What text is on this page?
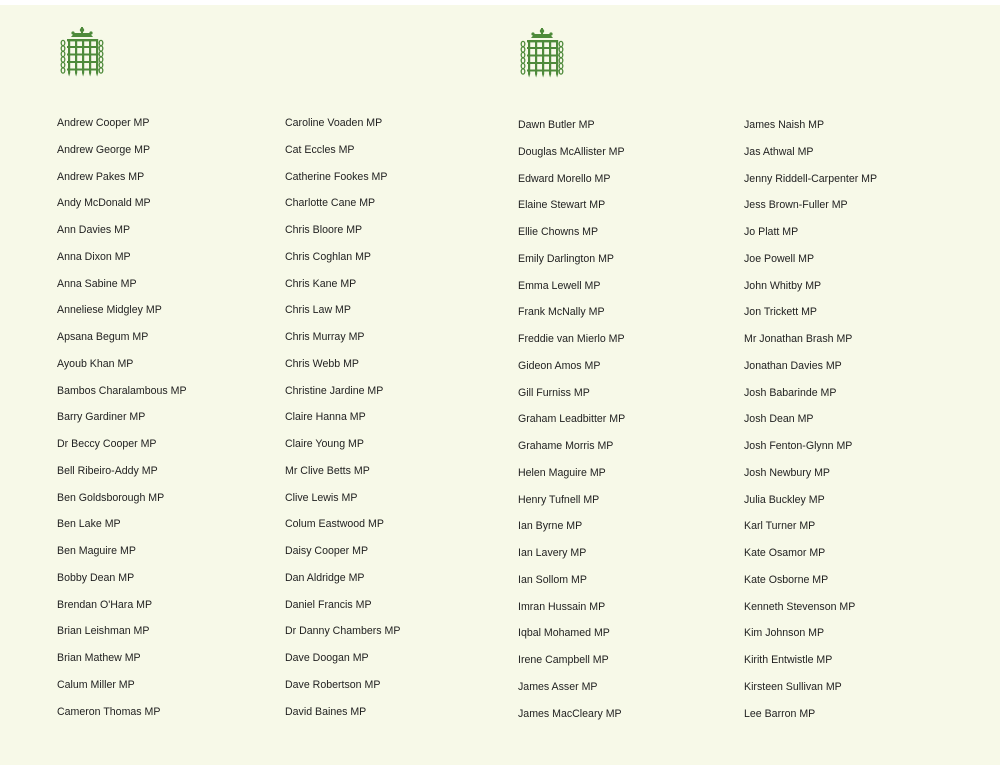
Andrew Cooper MP
Andrew George MP
Andrew Pakes MP
Andy McDonald MP
Ann Davies MP
Anna Dixon MP
Anna Sabine MP
Anneliese Midgley MP
Apsana Begum MP
Ayoub Khan MP
Bambos Charalambous MP
Barry Gardiner MP
Dr Beccy Cooper MP
Bell Ribeiro-Addy MP
Ben Goldsborough MP
Ben Lake MP
Ben Maguire MP
Bobby Dean MP
Brendan O'Hara MP
Brian Leishman MP
Brian Mathew MP
Calum Miller MP
Cameron Thomas MP
Caroline Voaden MP
Cat Eccles MP
Catherine Fookes MP
Charlotte Cane MP
Chris Bloore MP
Chris Coghlan MP
Chris Kane MP
Chris Law MP
Chris Murray MP
Chris Webb MP
Christine Jardine MP
Claire Hanna MP
Claire Young MP
Mr Clive Betts MP
Clive Lewis MP
Colum Eastwood MP
Daisy Cooper MP
Dan Aldridge MP
Daniel Francis MP
Dr Danny Chambers MP
Dave Doogan MP
Dave Robertson MP
David Baines MP
Dawn Butler MP
Douglas McAllister MP
Edward Morello MP
Elaine Stewart MP
Ellie Chowns MP
Emily Darlington MP
Emma Lewell MP
Frank McNally MP
Freddie van Mierlo MP
Gideon Amos MP
Gill Furniss MP
Graham Leadbitter MP
Grahame Morris MP
Helen Maguire MP
Henry Tufnell MP
Ian Byrne MP
Ian Lavery MP
Ian Sollom MP
Imran Hussain MP
Iqbal Mohamed MP
Irene Campbell MP
James Asser MP
James MacCleary MP
James Naish MP
Jas Athwal MP
Jenny Riddell-Carpenter MP
Jess Brown-Fuller MP
Jo Platt MP
Joe Powell MP
John Whitby MP
Jon Trickett MP
Mr Jonathan Brash MP
Jonathan Davies MP
Josh Babarinde MP
Josh Dean MP
Josh Fenton-Glynn MP
Josh Newbury MP
Julia Buckley MP
Karl Turner MP
Kate Osamor MP
Kate Osborne MP
Kenneth Stevenson MP
Kim Johnson MP
Kirith Entwistle MP
Kirsteen Sullivan MP
Lee Barron MP
